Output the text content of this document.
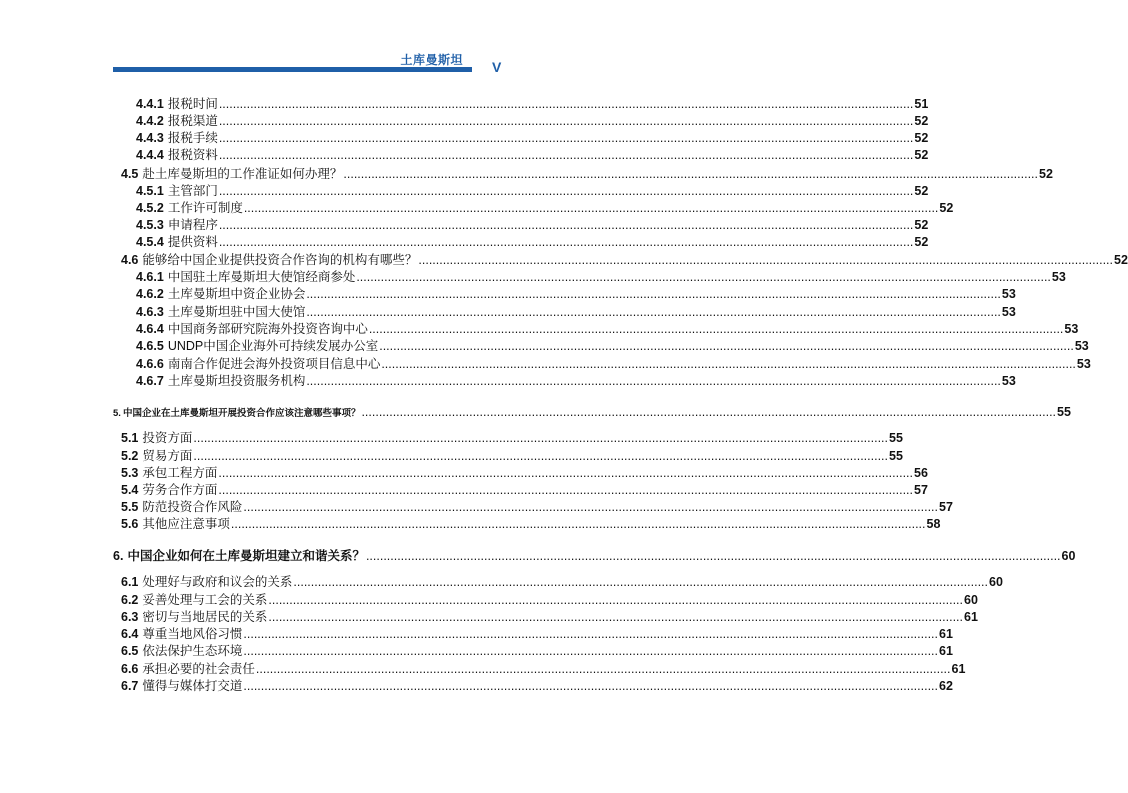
土库曼斯坦 V
4.4.1 报税时间 ........................................................................................................................................................................................................ 51
4.4.2 报税渠道 ........................................................................................................................................................................................................ 52
4.4.3 报税手续 ........................................................................................................................................................................................................ 52
4.4.4 报税资料 ........................................................................................................................................................................................................ 52
4.5 赴土库曼斯坦的工作准证如何办理？ ........................................................................................................................................................................................................ 52
4.5.1 主管部门 ........................................................................................................................................................................................................ 52
4.5.2 工作许可制度 ........................................................................................................................................................................................................ 52
4.5.3 申请程序 ........................................................................................................................................................................................................ 52
4.5.4 提供资料 ........................................................................................................................................................................................................ 52
4.6 能够给中国企业提供投资合作咨询的机构有哪些？ ........................................................................................................................................................................................................ 52
4.6.1 中国驻土库曼斯坦大使馆经商参处 ........................................................................................................................................................................................................ 53
4.6.2 土库曼斯坦中资企业协会 ........................................................................................................................................................................................................ 53
4.6.3 土库曼斯坦驻中国大使馆 ........................................................................................................................................................................................................ 53
4.6.4 中国商务部研究院海外投资咨询中心 ........................................................................................................................................................................................................ 53
4.6.5 UNDP中国企业海外可持续发展办公室 ........................................................................................................................................................................................................ 53
4.6.6 南南合作促进会海外投资项目信息中心 ........................................................................................................................................................................................................ 53
4.6.7 土库曼斯坦投资服务机构 ........................................................................................................................................................................................................ 53
5. 中国企业在土库曼斯坦开展投资合作应该注意哪些事项？ ........................................................................................................................................................................................................ 55
5.1 投资方面 ........................................................................................................................................................................................................ 55
5.2 贸易方面 ........................................................................................................................................................................................................ 55
5.3 承包工程方面 ........................................................................................................................................................................................................ 56
5.4 劳务合作方面 ........................................................................................................................................................................................................ 57
5.5 防范投资合作风险 ........................................................................................................................................................................................................ 57
5.6 其他应注意事项 ........................................................................................................................................................................................................ 58
6. 中国企业如何在土库曼斯坦建立和谐关系？ ........................................................................................................................................................................................................ 60
6.1 处理好与政府和议会的关系 ........................................................................................................................................................................................................ 60
6.2 妥善处理与工会的关系 ........................................................................................................................................................................................................ 60
6.3 密切与当地居民的关系 ........................................................................................................................................................................................................ 61
6.4 尊重当地风俗习惯 ........................................................................................................................................................................................................ 61
6.5 依法保护生态环境 ........................................................................................................................................................................................................ 61
6.6 承担必要的社会责任 ........................................................................................................................................................................................................ 61
6.7 懂得与媒体打交道 ........................................................................................................................................................................................................ 62
